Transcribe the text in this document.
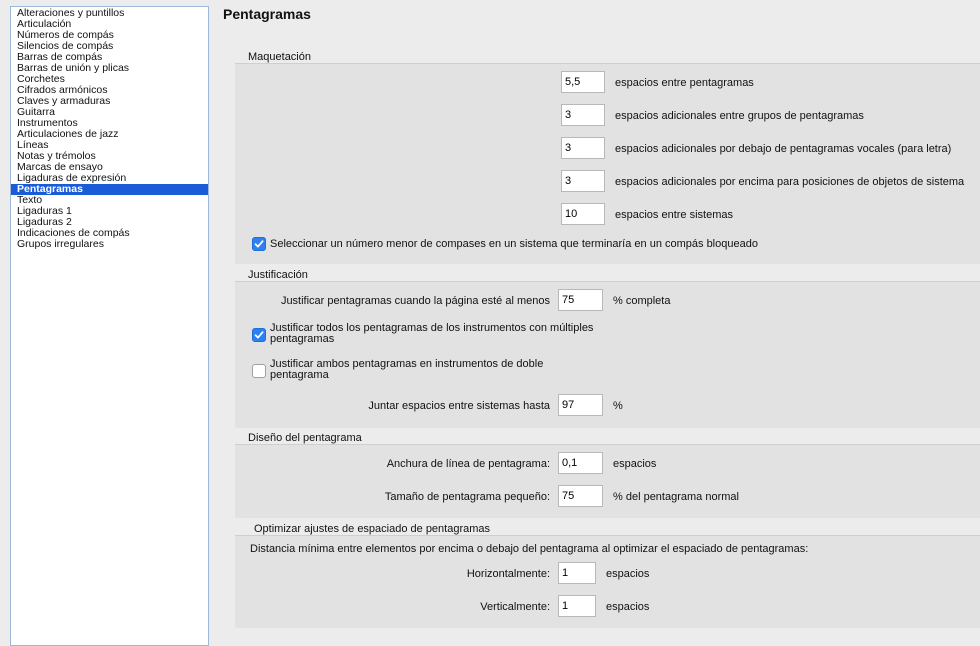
Alteraciones y puntillos
Articulación
Números de compás
Silencios de compás
Barras de compás
Barras de unión y plicas
Corchetes
Cifrados armónicos
Claves y armaduras
Guitarra
Instrumentos
Articulaciones de jazz
Líneas
Notas y trémolos
Marcas de ensayo
Ligaduras de expresión
Pentagramas
Texto
Ligaduras 1
Ligaduras 2
Indicaciones de compás
Grupos irregulares
Pentagramas
Maquetación
5,5
espacios entre pentagramas
3
espacios adicionales entre grupos de pentagramas
3
espacios adicionales por debajo de pentagramas vocales (para letra)
3
espacios adicionales por encima para posiciones de objetos de sistema
10
espacios entre sistemas
Seleccionar un número menor de compases en un sistema que terminaría en un compás bloqueado
Justificación
Justificar pentagramas cuando la página esté al menos
75	% completa
Justificar todos los pentagramas de los instrumentos con múltiples
pentagramas
Justificar ambos pentagramas en instrumentos de doble
pentagrama
Juntar espacios entre sistemas hasta
97	%
Diseño del pentagrama
Anchura de línea de pentagrama:
0,1	espacios
Tamaño de pentagrama pequeño:
75	% del pentagrama normal
Optimizar ajustes de espaciado de pentagramas
Distancia mínima entre elementos por encima o debajo del pentagrama al optimizar el espaciado de pentagramas:
Horizontalmente:
1	espacios
Verticalmente:
1	espacios
